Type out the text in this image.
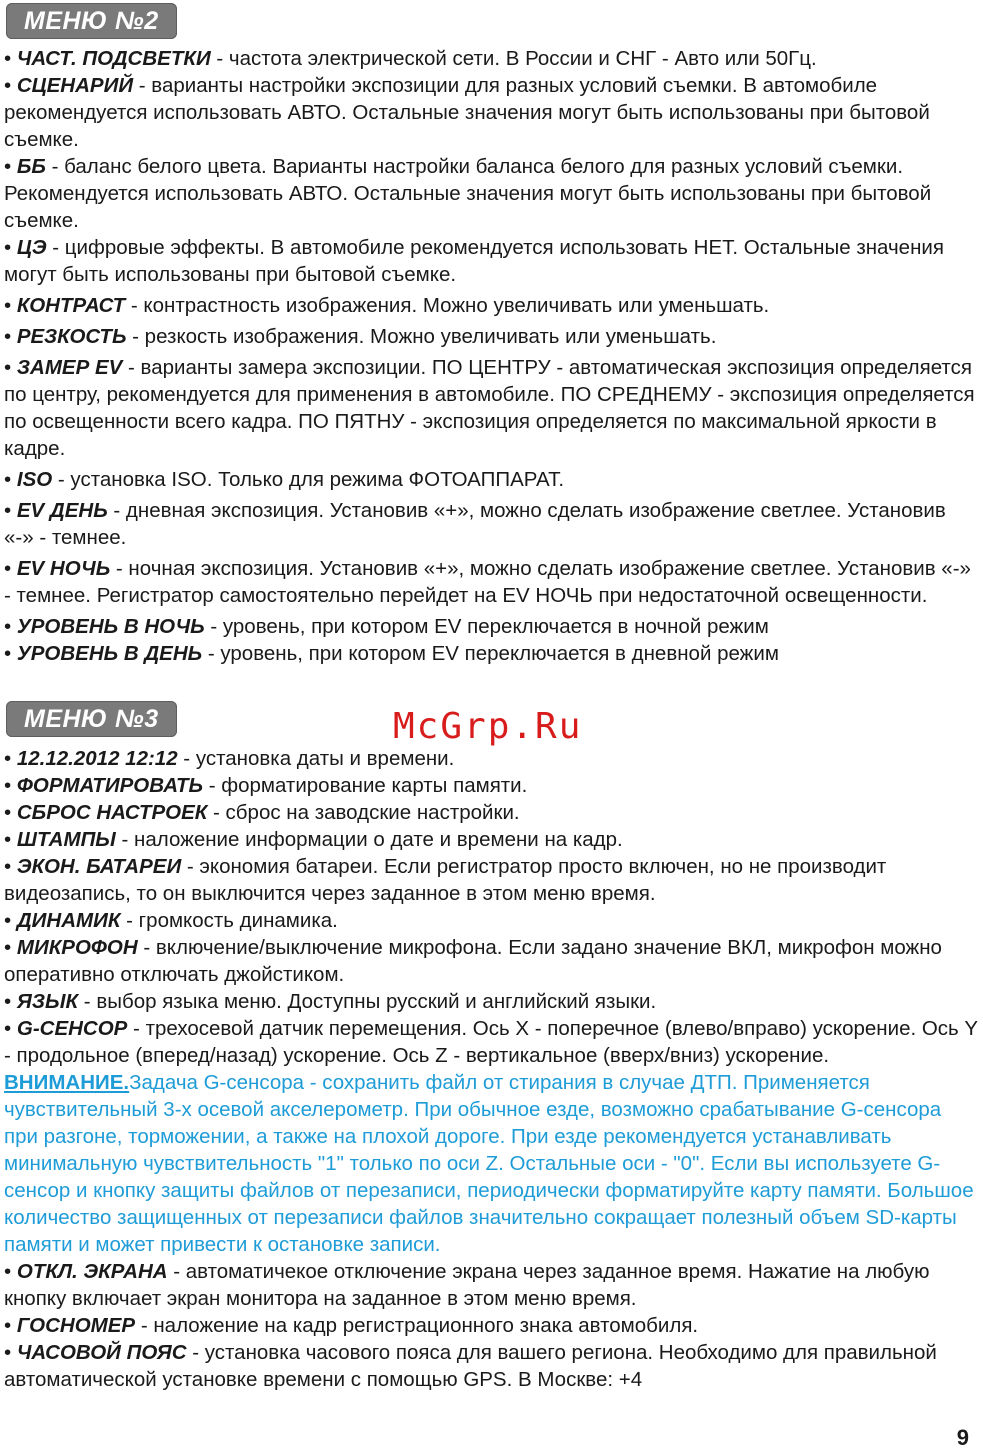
МЕНЮ №2

• ЧАСТ. ПОДСВЕТКИ - частота электрической сети. В России и СНГ - Авто или 50Гц.

• СЦЕНАРИЙ - варианты настройки экспозиции для разных условий съемки. В автомобиле рекомендуется использовать АВТО. Остальные значения могут быть использованы при бытовой съемке.

• ББ - баланс белого цвета. Варианты настройки баланса белого для разных условий съемки. Рекомендуется использовать АВТО. Остальные значения могут быть использованы при бытовой съемке.

• ЦЭ - цифровые эффекты. В автомобиле рекомендуется использовать НЕТ. Остальные значения могут быть использованы при бытовой съемке.

• КОНТРАСТ - контрастность изображения. Можно увеличивать или уменьшать.

• РЕЗКОСТЬ - резкость изображения. Можно увеличивать или уменьшать.

• ЗАМЕР EV - варианты замера экспозиции. ПО ЦЕНТРУ - автоматическая экспозиция определяется по центру, рекомендуется для применения в автомобиле. ПО СРЕДНЕМУ - экспозиция определяется по освещенности всего кадра. ПО ПЯТНУ - экспозиция определяется по максимальной яркости в кадре.

• ISO - установка ISO. Только для режима ФОТОАППАРАТ.

• EV ДЕНЬ - дневная экспозиция. Установив «+», можно сделать изображение светлее. Установив «-» - темнее.

• EV НОЧЬ - ночная экспозиция. Установив «+», можно сделать изображение светлее. Установив «-» - темнее. Регистратор самостоятельно перейдет на EV НОЧЬ при недостаточной освещенности.

• УРОВЕНЬ В НОЧЬ - уровень, при котором EV переключается в ночной режим

• УРОВЕНЬ В ДЕНЬ - уровень, при котором EV переключается в дневной режим

МЕНЮ №3	McGrp.Ru

• 12.12.2012 12:12 - установка даты и времени.

• ФОРМАТИРОВАТЬ - форматирование карты памяти.

• СБРОС НАСТРОЕК - сброс на заводские настройки.

• ШТАМПЫ - наложение информации о дате и времени на кадр.

• ЭКОН. БАТАРЕИ - экономия батареи. Если регистратор просто включен, но не производит видеозапись, то он выключится через заданное в этом меню время.

• ДИНАМИК - громкость динамика.

• МИКРОФОН - включение/выключение микрофона. Если задано значение ВКЛ, микрофон можно оперативно отключать джойстиком.

• ЯЗЫК - выбор языка меню. Доступны русский и английский языки.

• G-СЕНСОР - трехосевой датчик перемещения. Ось X - поперечное (влево/вправо) ускорение. Ось Y - продольное (вперед/назад) ускорение. Ось Z - вертикальное (вверх/вниз) ускорение.

ВНИМАНИЕ.Задача G-сенсора - сохранить файл от стирания в случае ДТП. Применяется чувствительный 3-х осевой акселерометр. При обычное езде, возможно срабатывание G-сенсора при разгоне, торможении, а также на плохой дороге. При езде рекомендуется устанавливать минимальную чувствительность "1" только по оси Z. Остальные оси - "0". Если вы используете G-сенсор и кнопку защиты файлов от перезаписи, периодически форматируйте карту памяти. Большое количество защищенных от перезаписи файлов значительно сокращает полезный объем SD-карты памяти и может привести к остановке записи.

• ОТКЛ. ЭКРАНА - автоматичекое отключение экрана через заданное время. Нажатие на любую кнопку включает экран монитора на заданное в этом меню время.

• ГОСНОМЕР - наложение на кадр регистрационного знака автомобиля.

• ЧАСОВОЙ ПОЯС - установка часового пояса для вашего региона. Необходимо для правильной автоматической установке времени с помощью GPS. В Москве: +4

9
